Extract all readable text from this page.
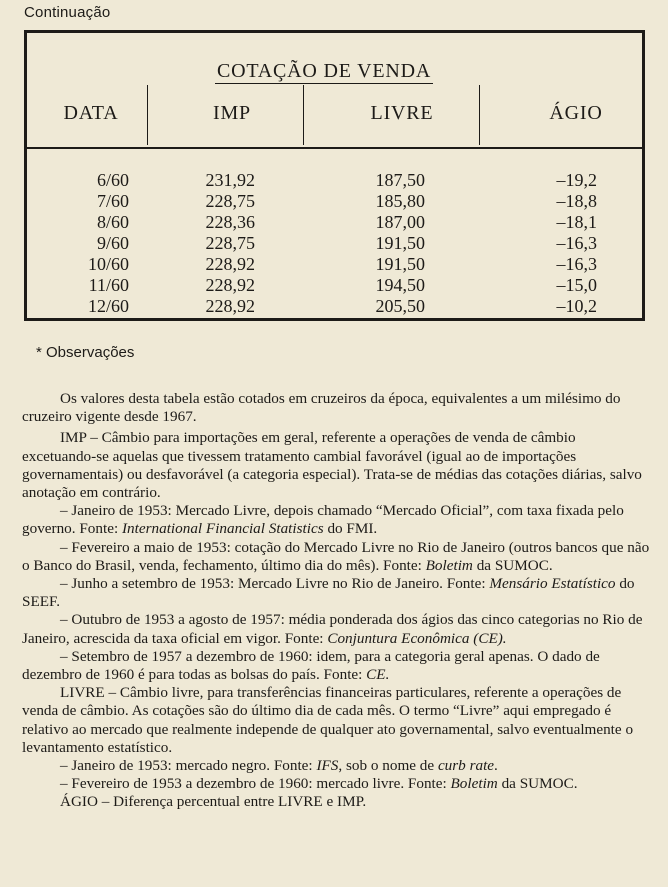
Continuação
COTAÇÃO DE VENDA
DATA	IMP	LIVRE	ÁGIO
6/60	231,92	187,50	–19,2
7/60	228,75	185,80	–18,8
8/60	228,36	187,00	–18,1
9/60	228,75	191,50	–16,3
10/60	228,92	191,50	–16,3
11/60	228,92	194,50	–15,0
12/60	228,92	205,50	–10,2
* Observações

Os valores desta tabela estão cotados em cruzeiros da época, equivalentes a um milésimo do cruzeiro vigente desde 1967.

IMP – Câmbio para importações em geral, referente a operações de venda de câmbio excetuando-se aquelas que tivessem tratamento cambial favorável (igual ao de importações governamentais) ou desfavorável (a categoria especial). Trata-se de médias das cotações diárias, salvo anotação em contrário.

– Janeiro de 1953: Mercado Livre, depois chamado “Mercado Oficial”, com taxa fixada pelo governo. Fonte: International Financial Statistics do FMI.

– Fevereiro a maio de 1953: cotação do Mercado Livre no Rio de Janeiro (outros bancos que não o Banco do Brasil, venda, fechamento, último dia do mês). Fonte: Boletim da SUMOC.

– Junho a setembro de 1953: Mercado Livre no Rio de Janeiro. Fonte: Mensário Estatístico do SEEF.

– Outubro de 1953 a agosto de 1957: média ponderada dos ágios das cinco categorias no Rio de Janeiro, acrescida da taxa oficial em vigor. Fonte: Conjuntura Econômica (CE).

– Setembro de 1957 a dezembro de 1960: idem, para a categoria geral apenas. O dado de dezembro de 1960 é para todas as bolsas do país. Fonte: CE.

LIVRE – Câmbio livre, para transferências financeiras particulares, referente a operações de venda de câmbio. As cotações são do último dia de cada mês. O termo “Livre” aqui empregado é relativo ao mercado que realmente independe de qualquer ato governamental, salvo eventualmente o levantamento estatístico.

– Janeiro de 1953: mercado negro. Fonte: IFS, sob o nome de curb rate.

– Fevereiro de 1953 a dezembro de 1960: mercado livre. Fonte: Boletim da SUMOC.

ÁGIO – Diferença percentual entre LIVRE e IMP.
